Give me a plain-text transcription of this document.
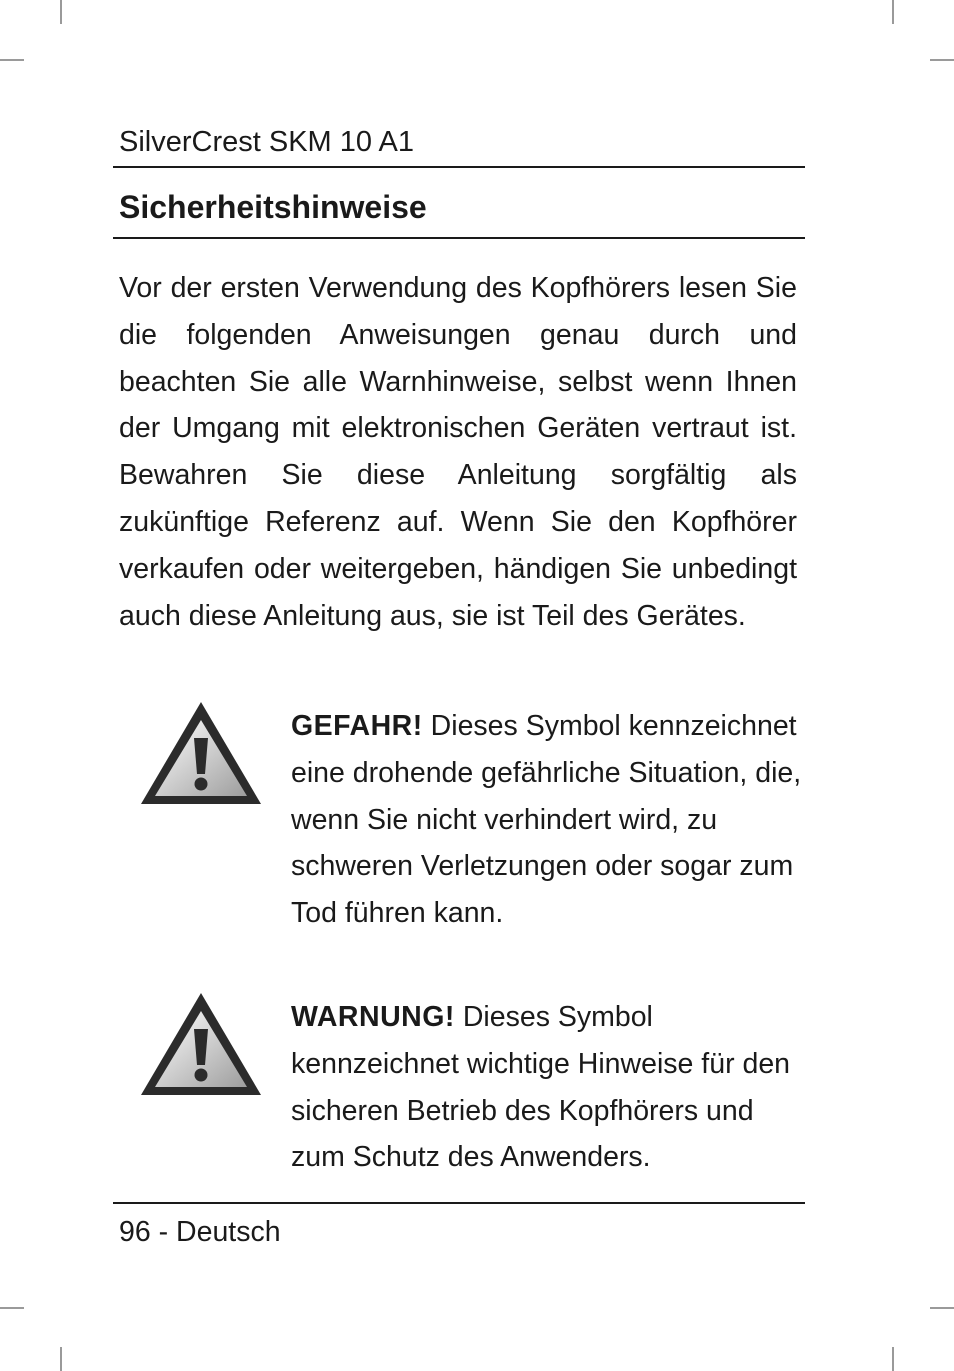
SilverCrest SKM 10 A1
Sicherheitshinweise

Vor der ersten Verwendung des Kopfhörers lesen Sie die folgenden Anweisungen genau durch und beachten Sie alle Warnhinweise, selbst wenn Ihnen der Umgang mit elektronischen Geräten vertraut ist. Bewahren Sie diese Anleitung sorgfältig als zukünftige Referenz auf. Wenn Sie den Kopfhörer verkaufen oder weitergeben, händigen Sie unbedingt auch diese Anleitung aus, sie ist Teil des Gerätes.

GEFAHR! Dieses Symbol kennzeichnet eine drohende gefährliche Situation, die, wenn Sie nicht verhindert wird, zu schweren Verletzungen oder sogar zum Tod führen kann.

WARNUNG! Dieses Symbol kennzeichnet wichtige Hinweise für den sicheren Betrieb des Kopfhörers und zum Schutz des Anwenders.

96 - Deutsch
